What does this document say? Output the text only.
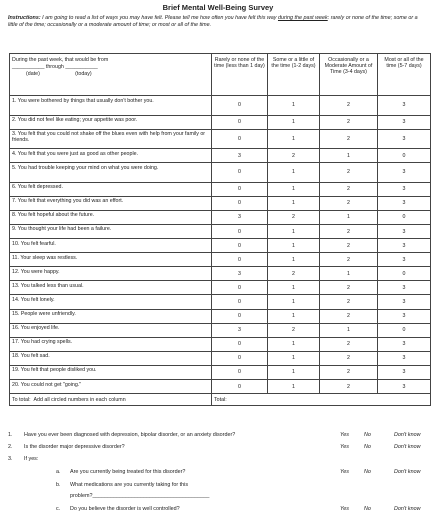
Brief Mental Well-Being Survey
Instructions: I am going to read a list of ways you may have felt. Please tell me how often you have felt this way during the past week: rarely or none of the time; some or a little of the time; occasionally or a moderate amount of time; or most or all of the time.
During the past week, that would be from
___________ through ___________
(date) (today)	Rarely or none of the time (less than 1 day)	Some or a little of the time (1-2 days)	Occasionally or a Moderate Amount of Time (3-4 days)	Most or all of the time (5-7 days)
1. You were bothered by things that usually don't bother you.	0	1	2	3
2. You did not feel like eating; your appetite was poor.	0	1	2	3
3. You felt that you could not shake off the blues even with help from your family or friends.	0	1	2	3
4. You felt that you were just as good as other people.	3	2	1	0
5. You had trouble keeping your mind on what you were doing.	0	1	2	3
6. You felt depressed.	0	1	2	3
7. You felt that everything you did was an effort.	0	1	2	3
8. You felt hopeful about the future.	3	2	1	0
9. You thought your life had been a failure.	0	1	2	3
10. You felt fearful.	0	1	2	3
11. Your sleep was restless.	0	1	2	3
12. You were happy.	3	2	1	0
13. You talked less than usual.	0	1	2	3
14. You felt lonely.	0	1	2	3
15. People were unfriendly.	0	1	2	3
16. You enjoyed life.	3	2	1	0
17. You had crying spells.	0	1	2	3
18. You felt sad.	0	1	2	3
19. You felt that people disliked you.	0	1	2	3
20. You could not get "going."	0	1	2	3
To total: Add all circled numbers in each column	Total:			
1. Have you ever been diagnosed with depression, bipolar disorder, or an anxiety disorder?	Yes	No	Don't know
2. Is the disorder major depressive disorder?	Yes	No	Don't know
3. If yes:
a. Are you currently being treated for this disorder?	Yes	No	Don't know
b. What medications are you currently taking for this
problem?_______________________________________
c. Do you believe the disorder is well controlled?	Yes	No	Don't know
